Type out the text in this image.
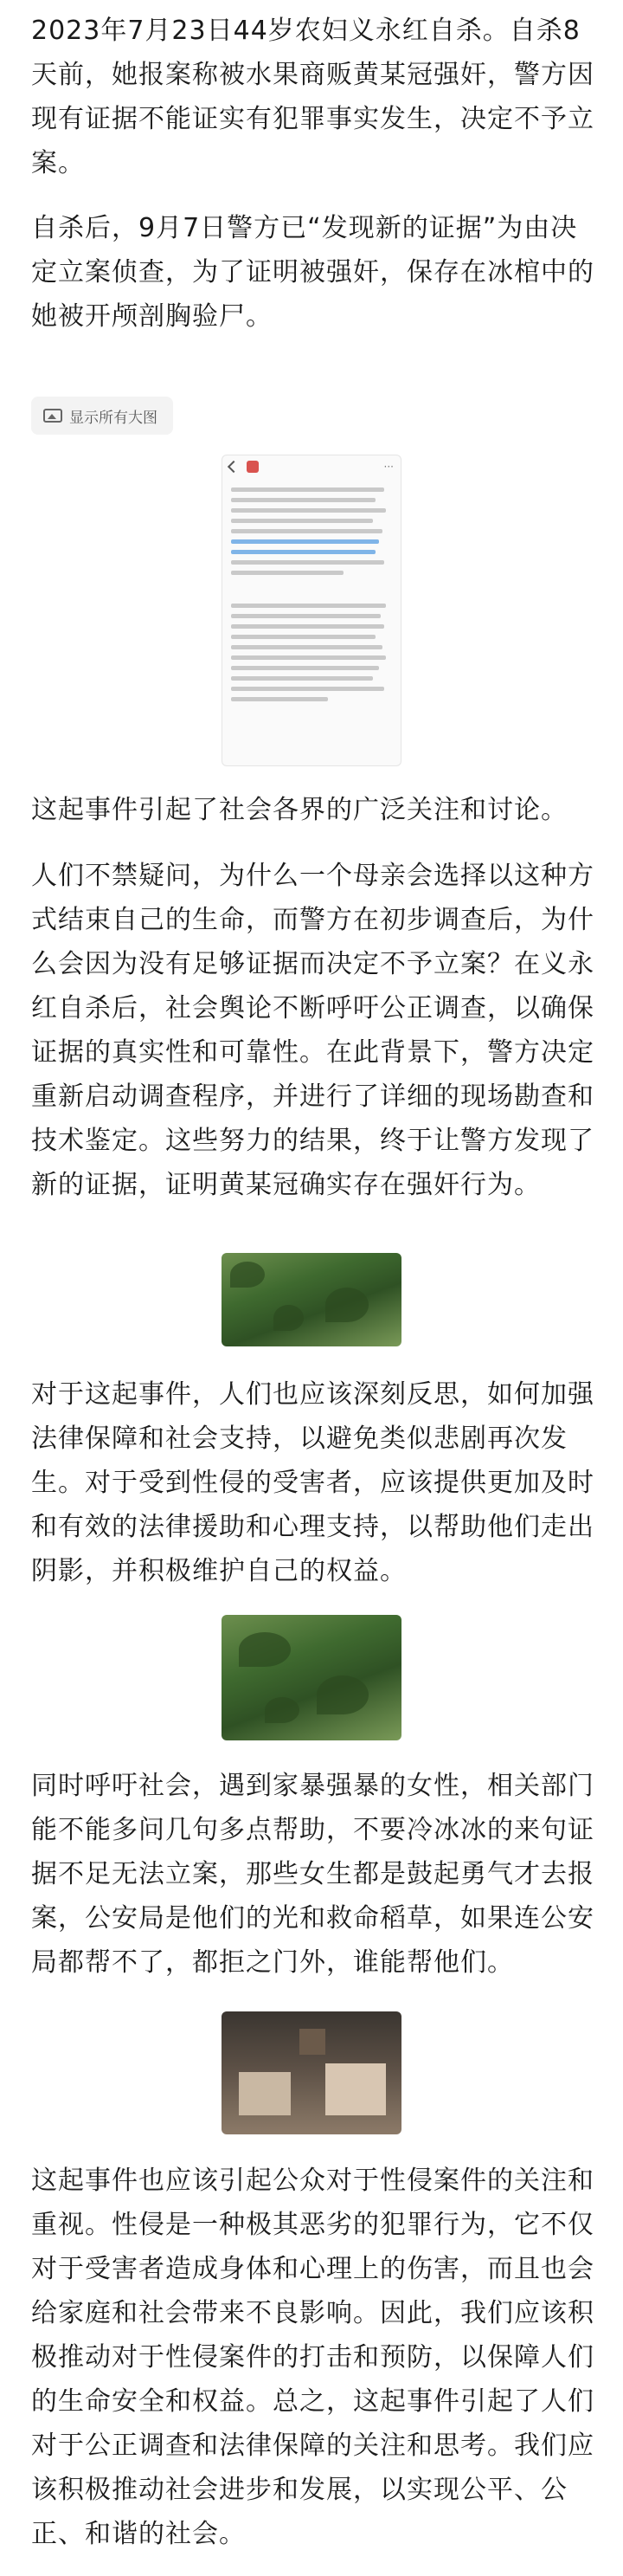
2023年7月23日44岁农妇义永红自杀。自杀8天前，她报案称被水果商贩黄某冠强奸，警方因现有证据不能证实有犯罪事实发生，决定不予立案。

自杀后，9月7日警方已“发现新的证据”为由决定立案侦查，为了证明被强奸，保存在冰棺中的她被开颅剖胸验尸。

显示所有大图
···

这起事件引起了社会各界的广泛关注和讨论。

人们不禁疑问，为什么一个母亲会选择以这种方式结束自己的生命，而警方在初步调查后，为什么会因为没有足够证据而决定不予立案？在义永红自杀后，社会舆论不断呼吁公正调查，以确保证据的真实性和可靠性。在此背景下，警方决定重新启动调查程序，并进行了详细的现场勘查和技术鉴定。这些努力的结果，终于让警方发现了新的证据，证明黄某冠确实存在强奸行为。

对于这起事件，人们也应该深刻反思，如何加强法律保障和社会支持，以避免类似悲剧再次发生。对于受到性侵的受害者，应该提供更加及时和有效的法律援助和心理支持，以帮助他们走出阴影，并积极维护自己的权益。

同时呼吁社会，遇到家暴强暴的女性，相关部门能不能多问几句多点帮助，不要冷冰冰的来句证据不足无法立案，那些女生都是鼓起勇气才去报案，公安局是他们的光和救命稻草，如果连公安局都帮不了，都拒之门外，谁能帮他们。

这起事件也应该引起公众对于性侵案件的关注和重视。性侵是一种极其恶劣的犯罪行为，它不仅对于受害者造成身体和心理上的伤害，而且也会给家庭和社会带来不良影响。因此，我们应该积极推动对于性侵案件的打击和预防，以保障人们的生命安全和权益。总之，这起事件引起了人们对于公正调查和法律保障的关注和思考。我们应该积极推动社会进步和发展，以实现公平、公正、和谐的社会。
